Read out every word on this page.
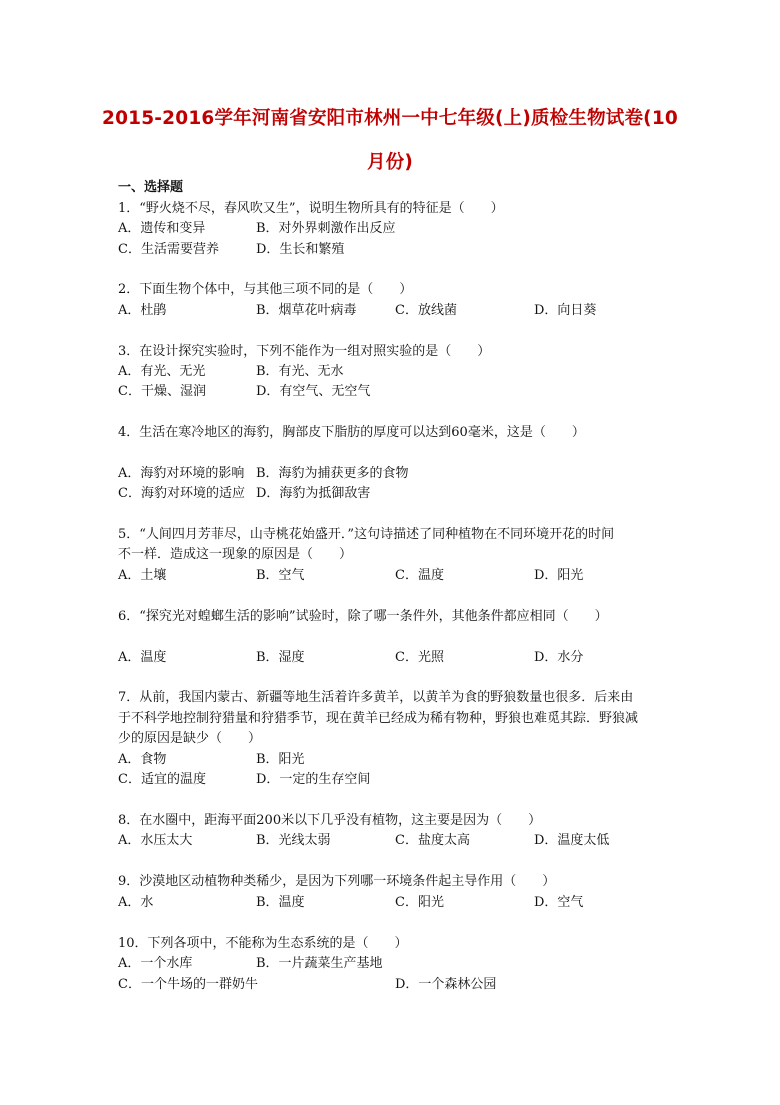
2015-2016学年河南省安阳市林州一中七年级(上)质检生物试卷(10
月份)
一、选择题
1．“野火烧不尽，春风吹又生”，说明生物所具有的特征是（　　）
A．遗传和变异	B．对外界刺激作出反应
C．生活需要营养	D．生长和繁殖
2．下面生物个体中，与其他三项不同的是（　　）
A．杜鹃	B．烟草花叶病毒	C．放线菌	D．向日葵
3．在设计探究实验时，下列不能作为一组对照实验的是（　　）
A．有光、无光	B．有光、无水
C．干燥、湿润	D．有空气、无空气
4．生活在寒冷地区的海豹，胸部皮下脂肪的厚度可以达到60毫米，这是（　　）
A．海豹对环境的影响 B．海豹为捕获更多的食物
C．海豹对环境的适应 D．海豹为抵御敌害
5．“人间四月芳菲尽，山寺桃花始盛开．”这句诗描述了同种植物在不同环境开花的时间
不一样．造成这一现象的原因是（　　）
A．土壤	B．空气	C．温度	D．阳光
6．“探究光对蝗螂生活的影响”试验时，除了哪一条件外，其他条件都应相同（　　）
A．温度	B．湿度	C．光照	D．水分
7．从前，我国内蒙古、新疆等地生活着许多黄羊，以黄羊为食的野狼数量也很多．后来由
于不科学地控制狩猎量和狩猎季节，现在黄羊已经成为稀有物种，野狼也难觅其踪．野狼减
少的原因是缺少（　　）
A．食物	B．阳光
C．适宜的温度	D．一定的生存空间
8．在水圈中，距海平面200米以下几乎没有植物，这主要是因为（　　）
A．水压太大	B．光线太弱	C．盐度太高	D．温度太低
9．沙漠地区动植物种类稀少，是因为下列哪一环境条件起主导作用（　　）
A．水	B．温度	C．阳光	D．空气
10．下列各项中，不能称为生态系统的是（　　）
A．一个水库	B．一片蔬菜生产基地
C．一个牛场的一群奶牛	D．一个森林公园
